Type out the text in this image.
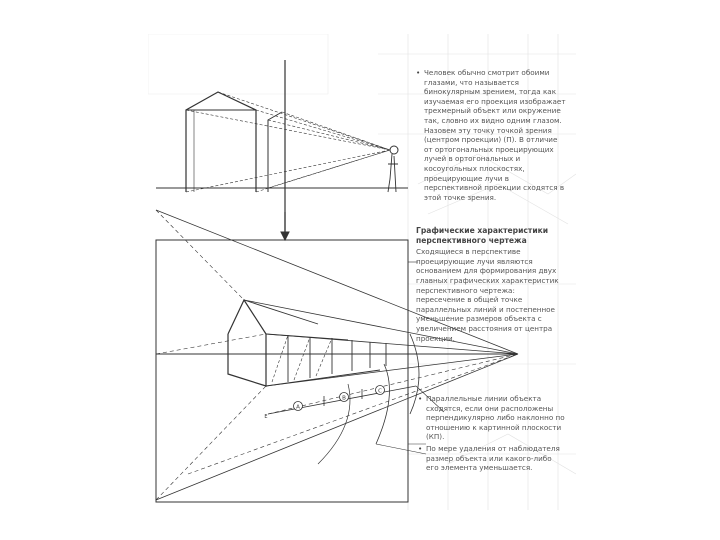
A
B
C
E

• Человек обычно смотрит обоими глазами, что называется бинокулярным зрением, тогда как изучаемая его проекция изображает трехмерный объект или окружение так, словно их видно одним глазом. Назовем эту точку точкой зрения (центром проекции) (П). В отличие от ортогональных проецирующих лучей в ортогональных и косоугольных плоскостях, проецирующие лучи в перспективной проекции сходятся в этой точке зрения.

Графические характеристики перспективного чертежа

Сходящиеся в перспективе проецирующие лучи являются основанием для формирования двух главных графических характеристик перспективного чертежа: пересечение в общей точке параллельных линий и постепенное уменьшение размеров объекта с увеличением расстояния от центра проекции.

• Параллельные линии объекта сходятся, если они расположены перпендикулярно либо наклонно по отношению к картинной плоскости (КП).

• По мере удаления от наблюдателя размер объекта или какого-либо его элемента уменьшается.
